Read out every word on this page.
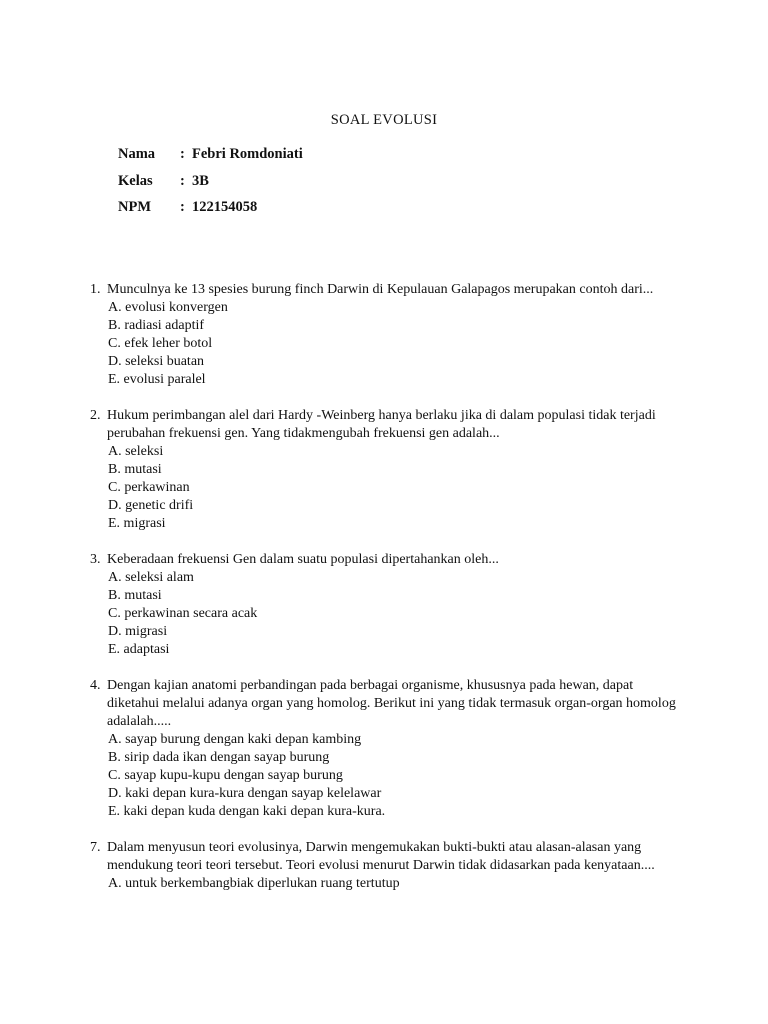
SOAL EVOLUSI
Nama	: Febri Romdoniati
Kelas	: 3B
NPM	: 122154058
1. Munculnya ke 13 spesies burung finch Darwin di Kepulauan Galapagos merupakan contoh dari...
A. evolusi konvergen
B. radiasi adaptif
C. efek leher botol
D. seleksi buatan
E. evolusi paralel
2. Hukum perimbangan alel dari Hardy -Weinberg hanya berlaku jika di dalam populasi tidak terjadi perubahan frekuensi gen. Yang tidakmengubah frekuensi gen adalah...
A. seleksi
B. mutasi
C. perkawinan
D. genetic drifi
E. migrasi
3. Keberadaan frekuensi Gen dalam suatu populasi dipertahankan oleh...
A. seleksi alam
B. mutasi
C. perkawinan secara acak
D. migrasi
E. adaptasi
4. Dengan kajian anatomi perbandingan pada berbagai organisme, khususnya pada hewan, dapat diketahui melalui adanya organ yang homolog. Berikut ini yang tidak termasuk organ-organ homolog adalalah.....
A. sayap burung dengan kaki depan kambing
B. sirip dada ikan dengan sayap burung
C. sayap kupu-kupu dengan sayap burung
D. kaki depan kura-kura dengan sayap kelelawar
E. kaki depan kuda dengan kaki depan kura-kura.
7. Dalam menyusun teori evolusinya, Darwin mengemukakan bukti-bukti atau alasan-alasan yang mendukung teori teori tersebut. Teori evolusi menurut Darwin tidak didasarkan pada kenyataan....
A. untuk berkembangbiak diperlukan ruang tertutup
